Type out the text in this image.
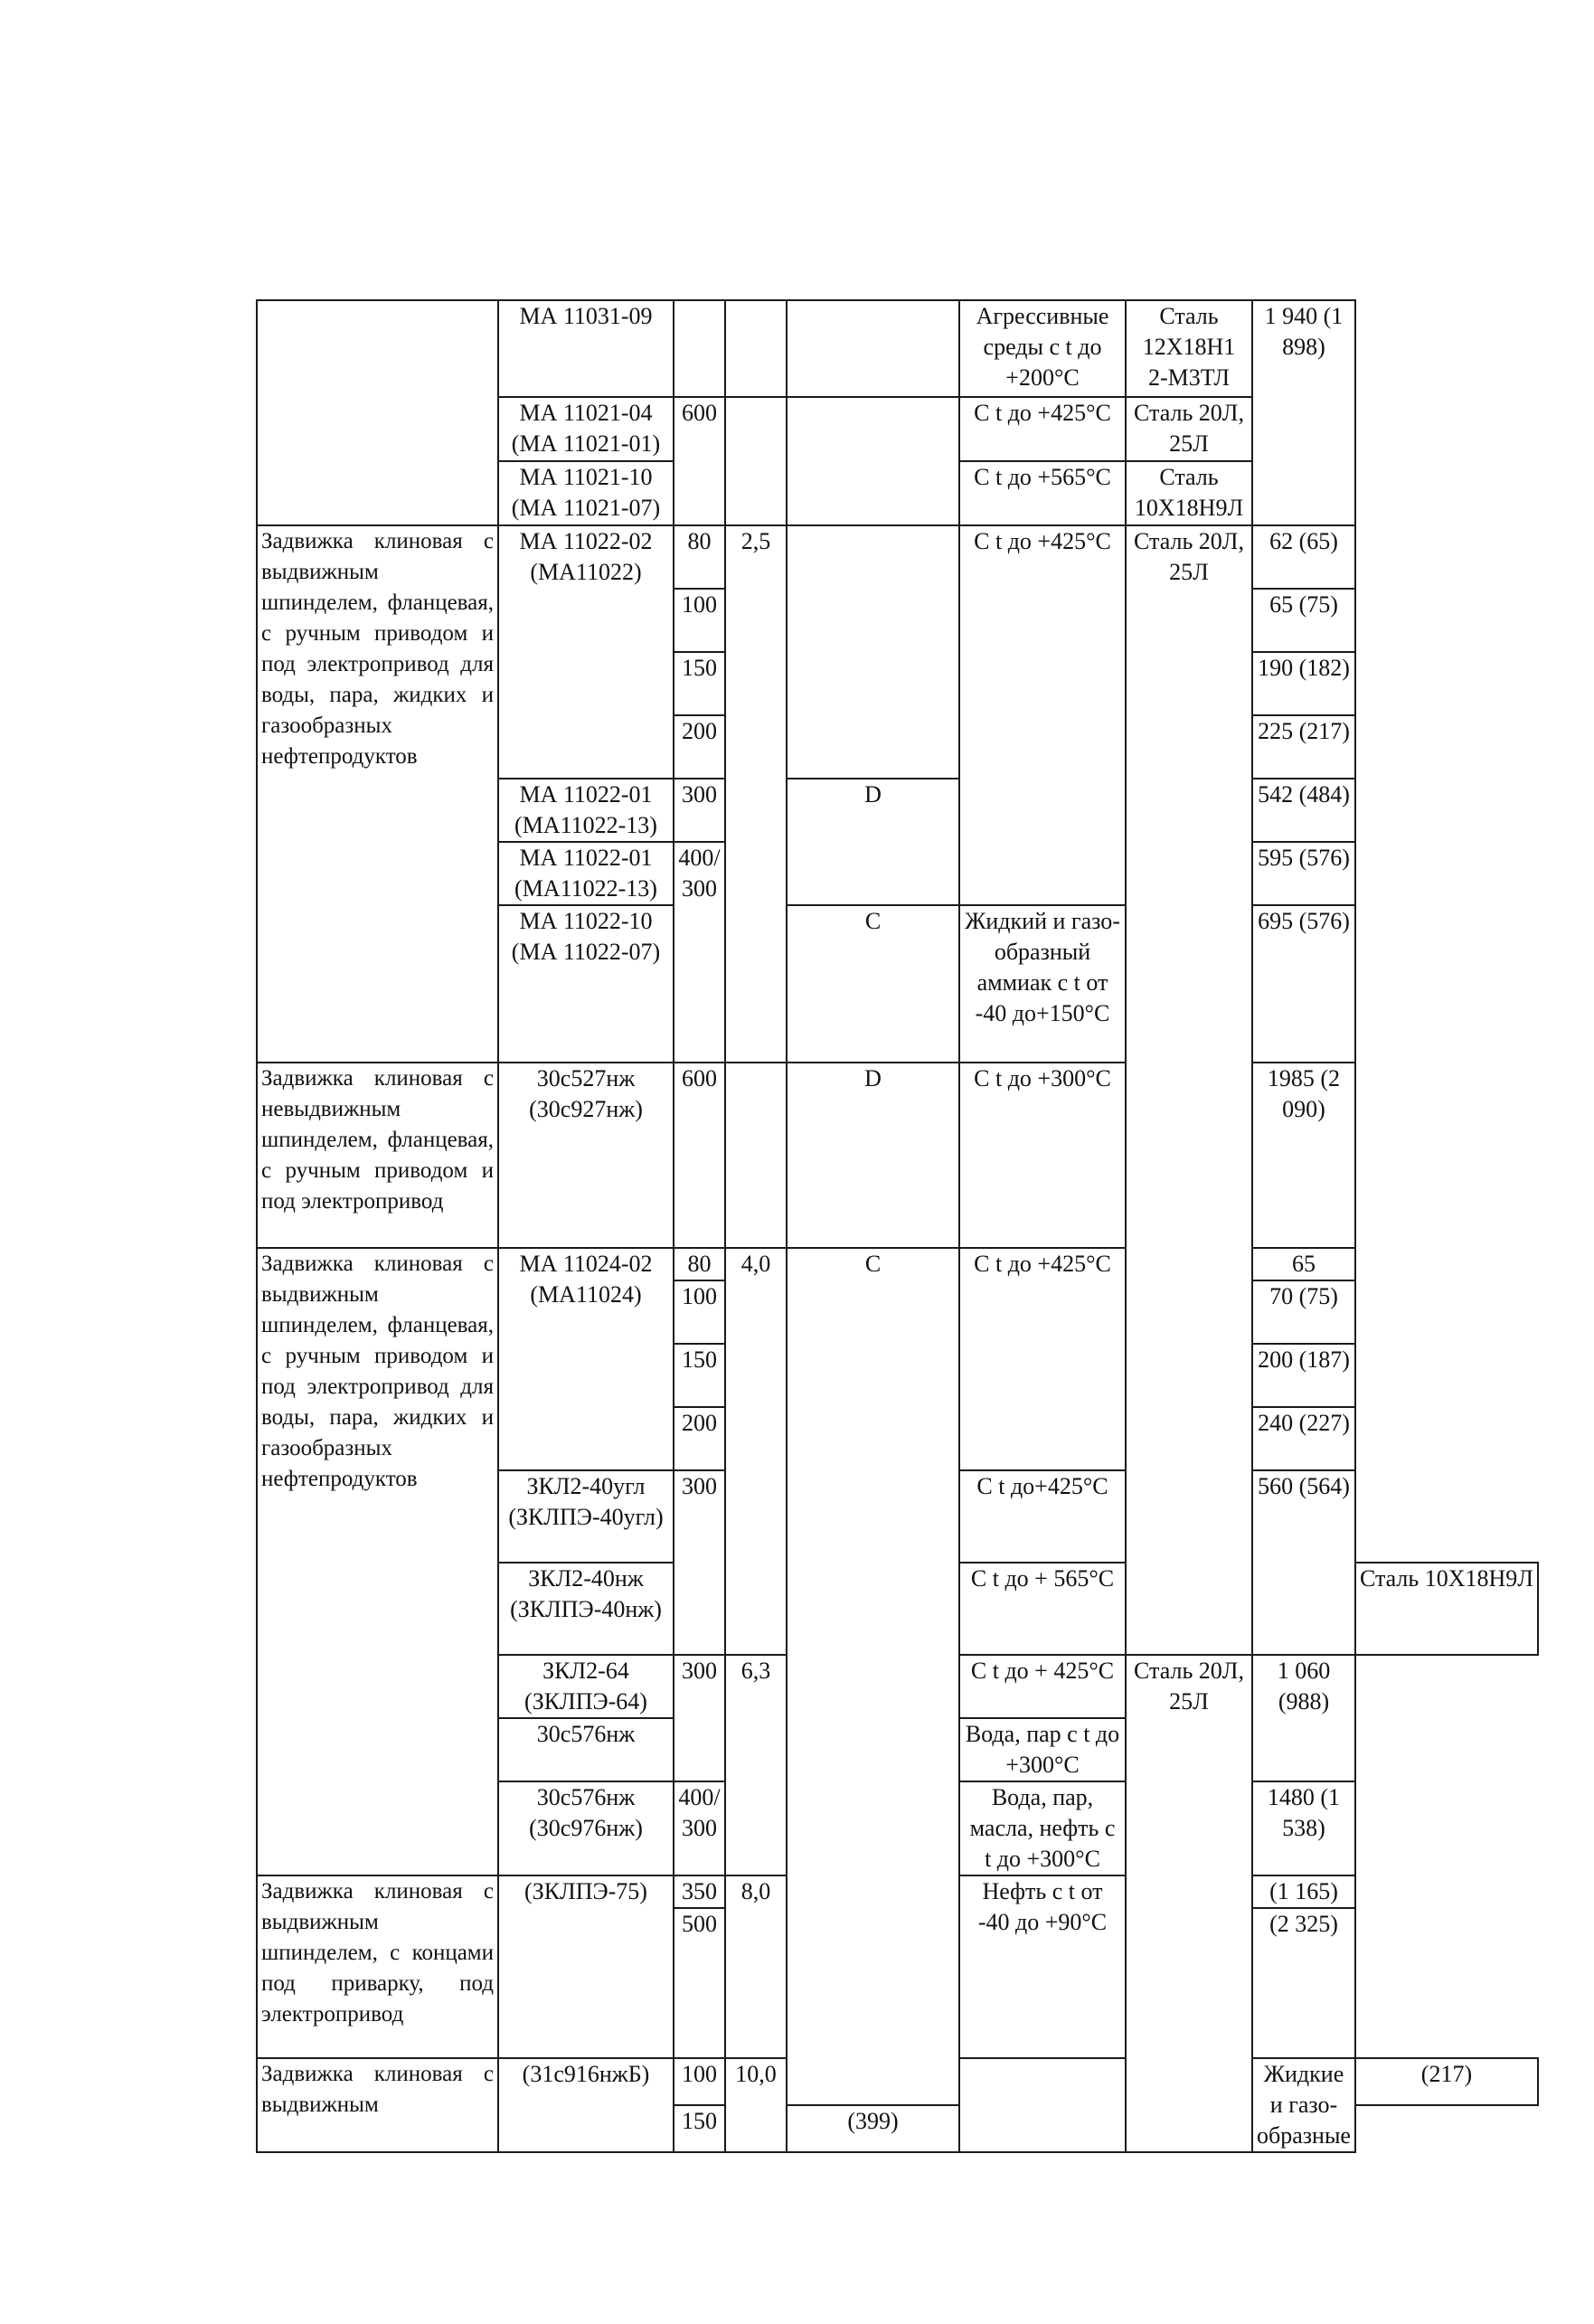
	МА 11031-09				Агрессивные среды с t до +200°С	Сталь 12Х18Н1 2-М3ТЛ	1 940 (1 898)	
	МА 11021-04 (МА 11021-01)	600			С t до +425°С	Сталь 20Л, 25Л		
	МА 11021-10 (МА 11021-07)				С t до +565°С	Сталь 10Х18Н9Л		
Задвижка клиновая с выдвижным шпинделем, фланцевая, с ручным приводом и под электропривод для воды, пара, жидких и газообразных нефтепродуктов	МА 11022-02 (МА11022)	80	2,5		С t до +425°С	Сталь 20Л, 25Л	62 (65)	
		100					65 (75)	
		150					190 (182)	
		200					225 (217)	
	МА 11022-01 (МА11022-13)	300		D			542 (484)	
	МА 11022-01 (МА11022-13)	400/ 300					595 (576)	
	МА 11022-10 (МА 11022-07)			С	Жидкий и газо-образный аммиак с t от -40 до+150°С		695 (576)	
Задвижка клиновая с невыдвижным шпинделем, фланцевая, с ручным приводом и под электропривод	30с527нж (30с927нж)	600		D	С t до +300°С		1985 (2 090)	
Задвижка клиновая с выдвижным шпинделем, фланцевая, с ручным приводом и под электропривод для воды, пара, жидких и газообразных нефтепродуктов	МА 11024-02 (МА11024)	80	4,0	С	С t до +425°С		65	
		100					70 (75)	
		150					200 (187)	
		200					240 (227)	
	ЗКЛ2-40угл (ЗКЛПЭ-40угл)	300			С t до+425°С		560 (564)	
	ЗКЛ2-40нж (ЗКЛПЭ-40нж)				С t до + 565°С			Сталь 10Х18Н9Л
	ЗКЛ2-64 (ЗКЛПЭ-64)	300	6,3		С t до + 425°С	Сталь 20Л, 25Л	1 060 (988)	
	30с576нж				Вода, пар с t до +300°С			
	30с576нж (30с976нж)	400/ 300			Вода, пар, масла, нефть с t до +300°С		1480 (1 538)	
Задвижка клиновая с выдвижным шпинделем, с концами под приварку, под электропривод	(ЗКЛПЭ-75)	350	8,0		Нефть с t от -40 до +90°С		(1 165)	
		500					(2 325)	
Задвижка клиновая с выдвижным	(31с916нжБ)	100	10,0				Жидкие и газо-образные	(217)
		150		(399)				
